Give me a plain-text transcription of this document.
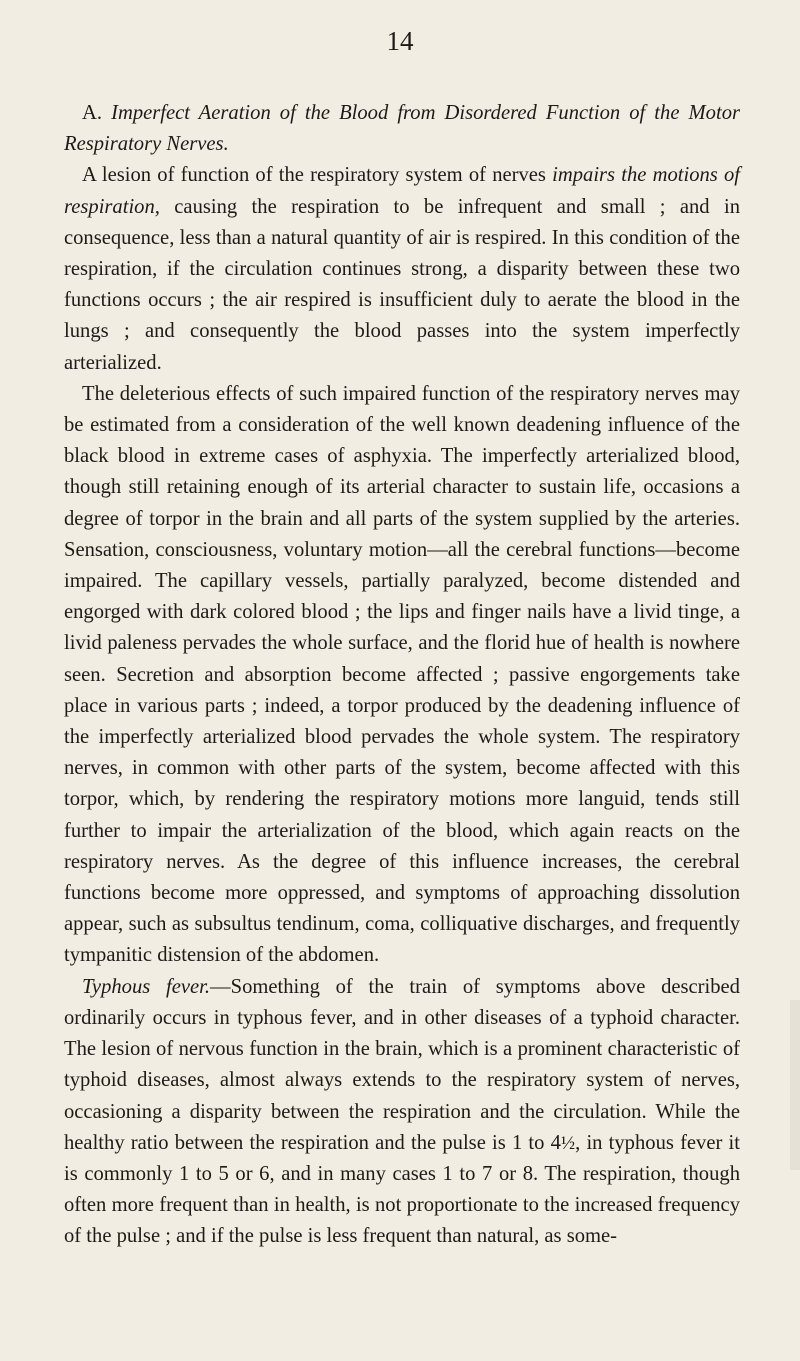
14

A. Imperfect Aeration of the Blood from Disordered Function of the Motor Respiratory Nerves.

A lesion of function of the respiratory system of nerves impairs the motions of respiration, causing the respiration to be infrequent and small ; and in consequence, less than a natural quantity of air is respired. In this condition of the respiration, if the circulation continues strong, a disparity between these two functions occurs ; the air respired is insufficient duly to aerate the blood in the lungs ; and consequently the blood passes into the system imperfectly arterialized.

The deleterious effects of such impaired function of the respiratory nerves may be estimated from a consideration of the well known deadening influence of the black blood in extreme cases of asphyxia. The imperfectly arterialized blood, though still retaining enough of its arterial character to sustain life, occasions a degree of torpor in the brain and all parts of the system supplied by the arteries. Sensation, consciousness, voluntary motion—all the cerebral functions—become impaired. The capillary vessels, partially paralyzed, become distended and engorged with dark colored blood ; the lips and finger nails have a livid tinge, a livid paleness pervades the whole surface, and the florid hue of health is nowhere seen. Secretion and absorption become affected ; passive engorgements take place in various parts ; indeed, a torpor produced by the deadening influence of the imperfectly arterialized blood pervades the whole system. The respiratory nerves, in common with other parts of the system, become affected with this torpor, which, by rendering the respiratory motions more languid, tends still further to impair the arterialization of the blood, which again reacts on the respiratory nerves. As the degree of this influence increases, the cerebral functions become more oppressed, and symptoms of approaching dissolution appear, such as subsultus tendinum, coma, colliquative discharges, and frequently tympanitic distension of the abdomen.

Typhous fever.—Something of the train of symptoms above described ordinarily occurs in typhous fever, and in other diseases of a typhoid character. The lesion of nervous function in the brain, which is a prominent characteristic of typhoid diseases, almost always extends to the respiratory system of nerves, occasioning a disparity between the respiration and the circulation. While the healthy ratio between the respiration and the pulse is 1 to 4½, in typhous fever it is commonly 1 to 5 or 6, and in many cases 1 to 7 or 8. The respiration, though often more frequent than in health, is not proportionate to the increased frequency of the pulse ; and if the pulse is less frequent than natural, as some-
